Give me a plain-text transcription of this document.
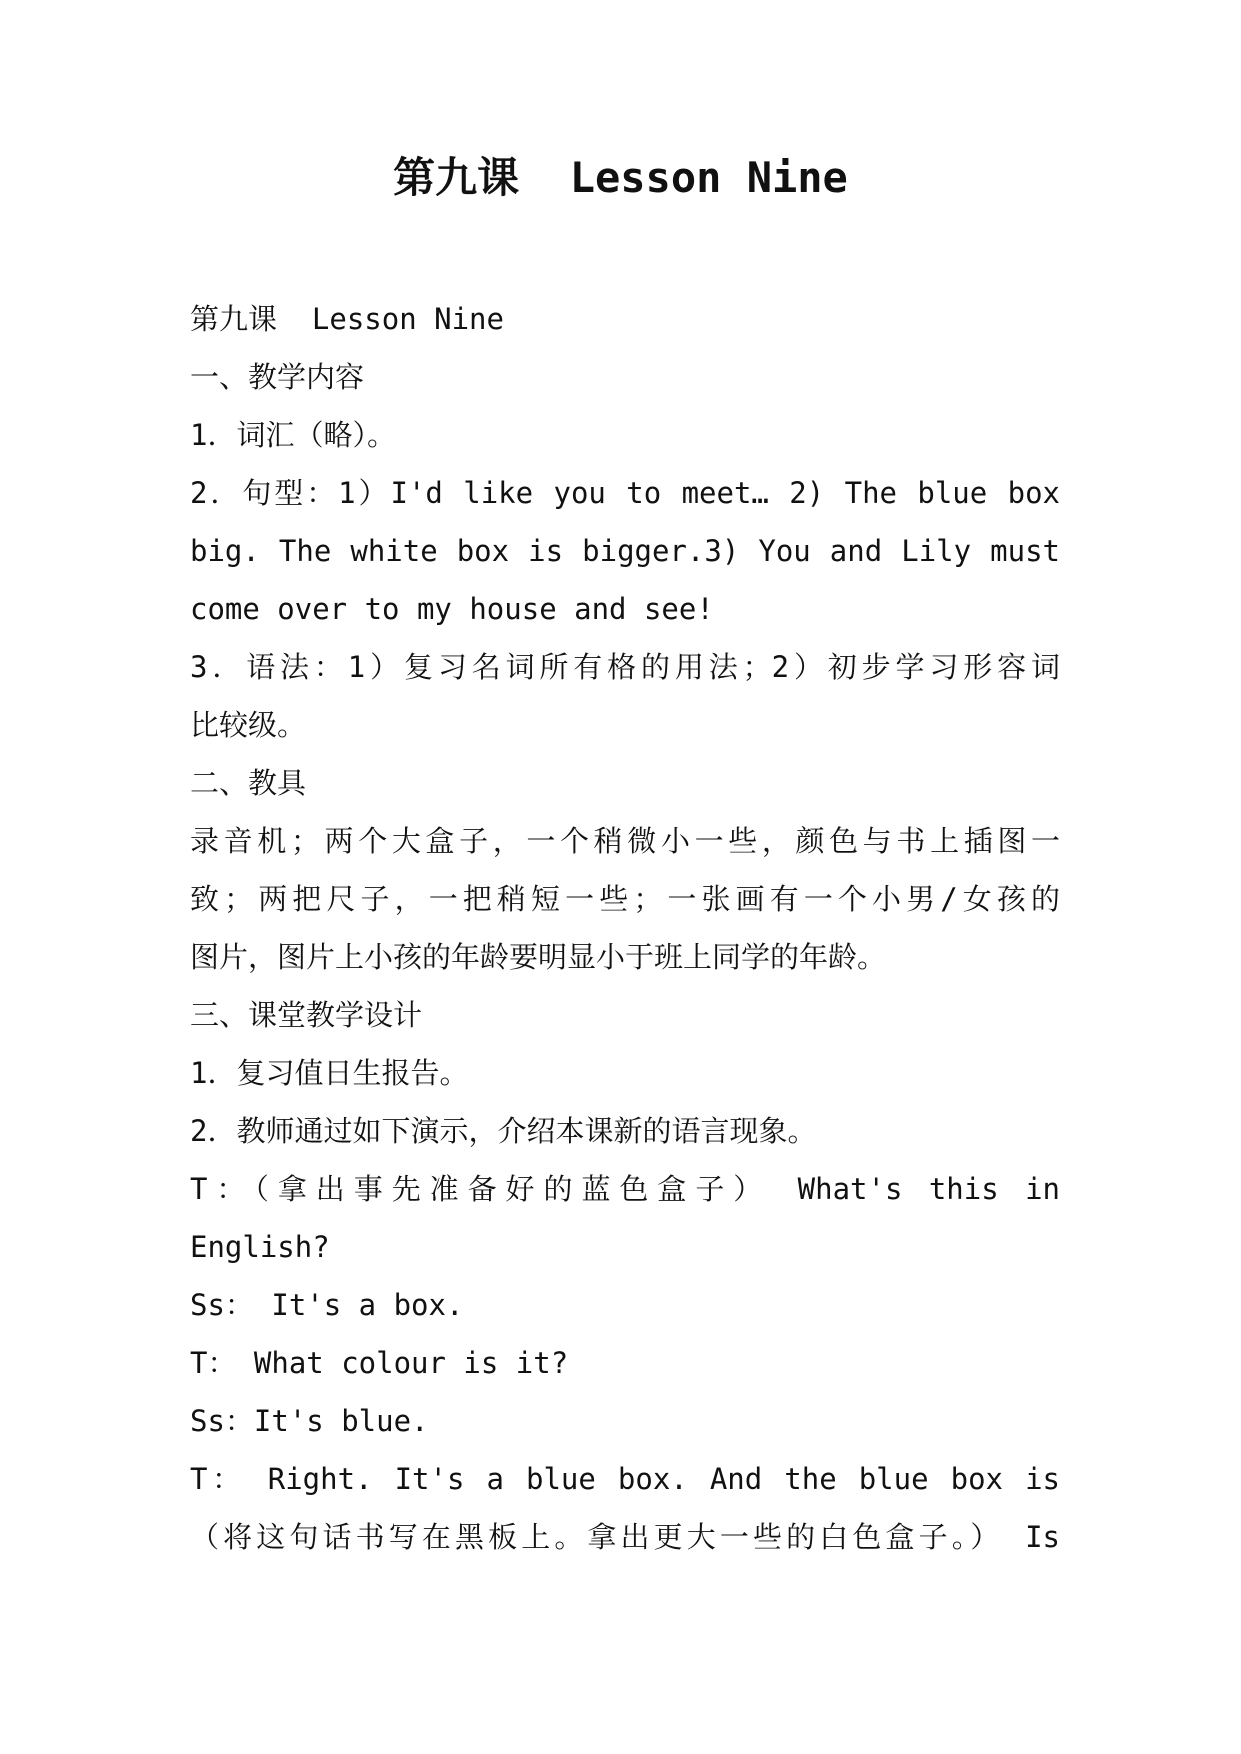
第九课  Lesson Nine
第九课  Lesson Nine
一、教学内容
1．词汇（略）。
2．句型：1）I'd like you to meet… 2) The blue box
big. The white box is bigger.3) You and Lily must
come over to my house and see!
3．语法：1）复习名词所有格的用法；2）初步学习形容词
比较级。
二、教具
录音机；两个大盒子，一个稍微小一些，颜色与书上插图一
致；两把尺子，一把稍短一些；一张画有一个小男/女孩的
图片，图片上小孩的年龄要明显小于班上同学的年龄。
三、课堂教学设计
1．复习值日生报告。
2．教师通过如下演示，介绍本课新的语言现象。
T：（拿出事先准备好的蓝色盒子） What's this in
English?
Ss： It's a box.
T： What colour is it?
Ss：It's blue.
T： Right. It's a blue box. And the blue box is
（将这句话书写在黑板上。拿出更大一些的白色盒子。） Is
